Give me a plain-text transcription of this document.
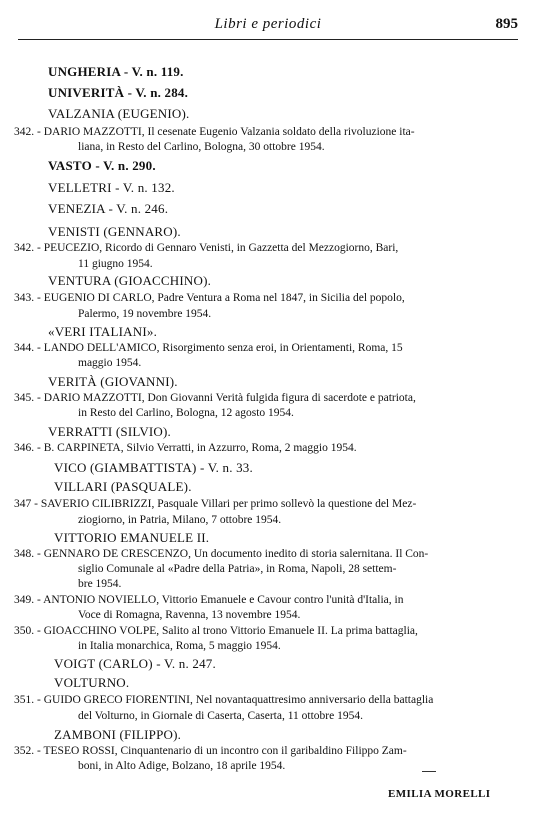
Libri e periodici	895
UNGHERIA - V. n. 119.
UNIVERITÀ - V. n. 284.
VALZANIA (EUGENIO).
342. - DARIO MAZZOTTI, Il cesenate Eugenio Valzania soldato della rivoluzione ita-
liana, in Resto del Carlino, Bologna, 30 ottobre 1954.
VASTO - V. n. 290.
VELLETRI - V. n. 132.
VENEZIA - V. n. 246.
VENISTI (GENNARO).
342. - PEUCEZIO, Ricordo di Gennaro Venisti, in Gazzetta del Mezzogiorno, Bari,
11 giugno 1954.
VENTURA (GIOACCHINO).
343. - EUGENIO DI CARLO, Padre Ventura a Roma nel 1847, in Sicilia del popolo,
Palermo, 19 novembre 1954.
«VERI ITALIANI».
344. - LANDO DELL'AMICO, Risorgimento senza eroi, in Orientamenti, Roma, 15
maggio 1954.
VERITÀ (GIOVANNI).
345. - DARIO MAZZOTTI, Don Giovanni Verità fulgida figura di sacerdote e patriota,
in Resto del Carlino, Bologna, 12 agosto 1954.
VERRATTI (SILVIO).
346. - B. CARPINETA, Silvio Verratti, in Azzurro, Roma, 2 maggio 1954.
VICO (GIAMBATTISTA) - V. n. 33.
VILLARI (PASQUALE).
347 - SAVERIO CILIBRIZZI, Pasquale Villari per primo sollevò la questione del Mez-
ziogiorno, in Patria, Milano, 7 ottobre 1954.
VITTORIO EMANUELE II.
348. - GENNARO DE CRESCENZO, Un documento inedito di storia salernitana. Il Con-
siglio Comunale al «Padre della Patria», in Roma, Napoli, 28 settem-
bre 1954.
349. - ANTONIO NOVIELLO, Vittorio Emanuele e Cavour contro l'unità d'Italia, in
Voce di Romagna, Ravenna, 13 novembre 1954.
350. - GIOACCHINO VOLPE, Salito al trono Vittorio Emanuele II. La prima battaglia,
in Italia monarchica, Roma, 5 maggio 1954.
VOIGT (CARLO) - V. n. 247.
VOLTURNO.
351. - GUIDO GRECO FIORENTINI, Nel novantaquattresimo anniversario della battaglia
del Volturno, in Giornale di Caserta, Caserta, 11 ottobre 1954.
ZAMBONI (FILIPPO).
352. - TESEO ROSSI, Cinquantenario di un incontro con il garibaldino Filippo Zam-
boni, in Alto Adige, Bolzano, 18 aprile 1954.
EMILIA MORELLI
